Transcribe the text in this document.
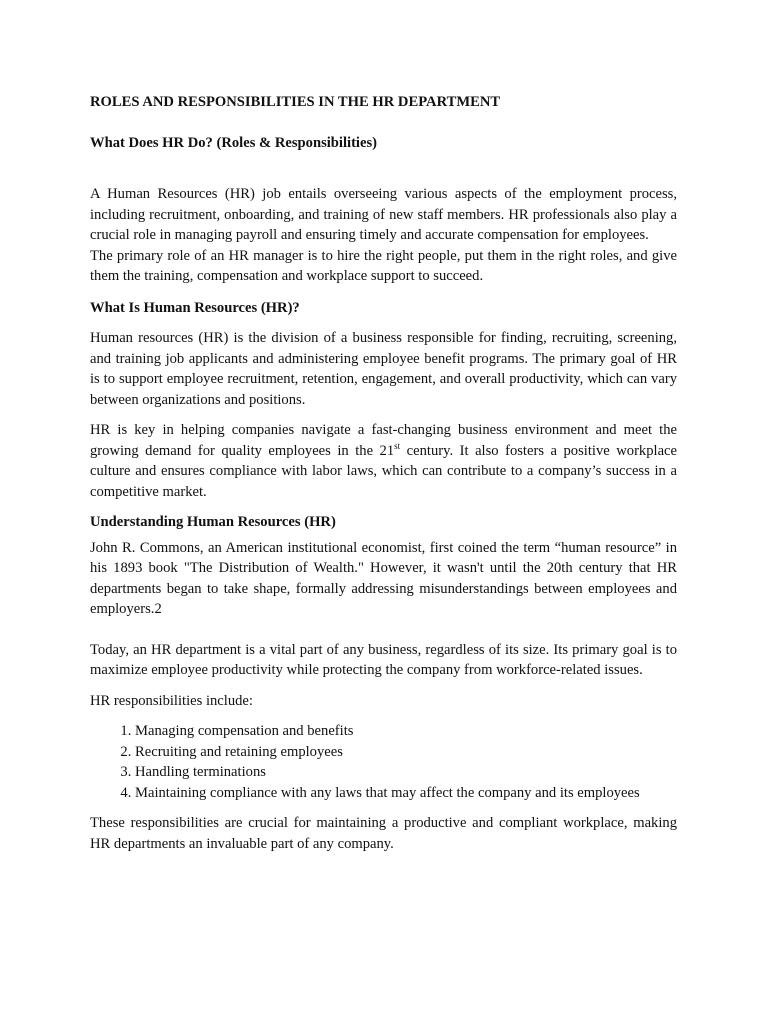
ROLES AND RESPONSIBILITIES IN THE HR DEPARTMENT
What Does HR Do? (Roles & Responsibilities)

A Human Resources (HR) job entails overseeing various aspects of the employment process, including recruitment, onboarding, and training of new staff members. HR professionals also play a crucial role in managing payroll and ensuring timely and accurate compensation for employees.

The primary role of an HR manager is to hire the right people, put them in the right roles, and give them the training, compensation and workplace support to succeed.

What Is Human Resources (HR)?

Human resources (HR) is the division of a business responsible for finding, recruiting, screening, and training job applicants and administering employee benefit programs. The primary goal of HR is to support employee recruitment, retention, engagement, and overall productivity, which can vary between organizations and positions.

HR is key in helping companies navigate a fast-changing business environment and meet the growing demand for quality employees in the 21st century. It also fosters a positive workplace culture and ensures compliance with labor laws, which can contribute to a company’s success in a competitive market.

Understanding Human Resources (HR)

John R. Commons, an American institutional economist, first coined the term “human resource” in his 1893 book "The Distribution of Wealth." However, it wasn't until the 20th century that HR departments began to take shape, formally addressing misunderstandings between employees and employers.2

Today, an HR department is a vital part of any business, regardless of its size. Its primary goal is to maximize employee productivity while protecting the company from workforce-related issues.

HR responsibilities include:

1. Managing compensation and benefits
2. Recruiting and retaining employees
3. Handling terminations
4. Maintaining compliance with any laws that may affect the company and its employees

These responsibilities are crucial for maintaining a productive and compliant workplace, making HR departments an invaluable part of any company.
